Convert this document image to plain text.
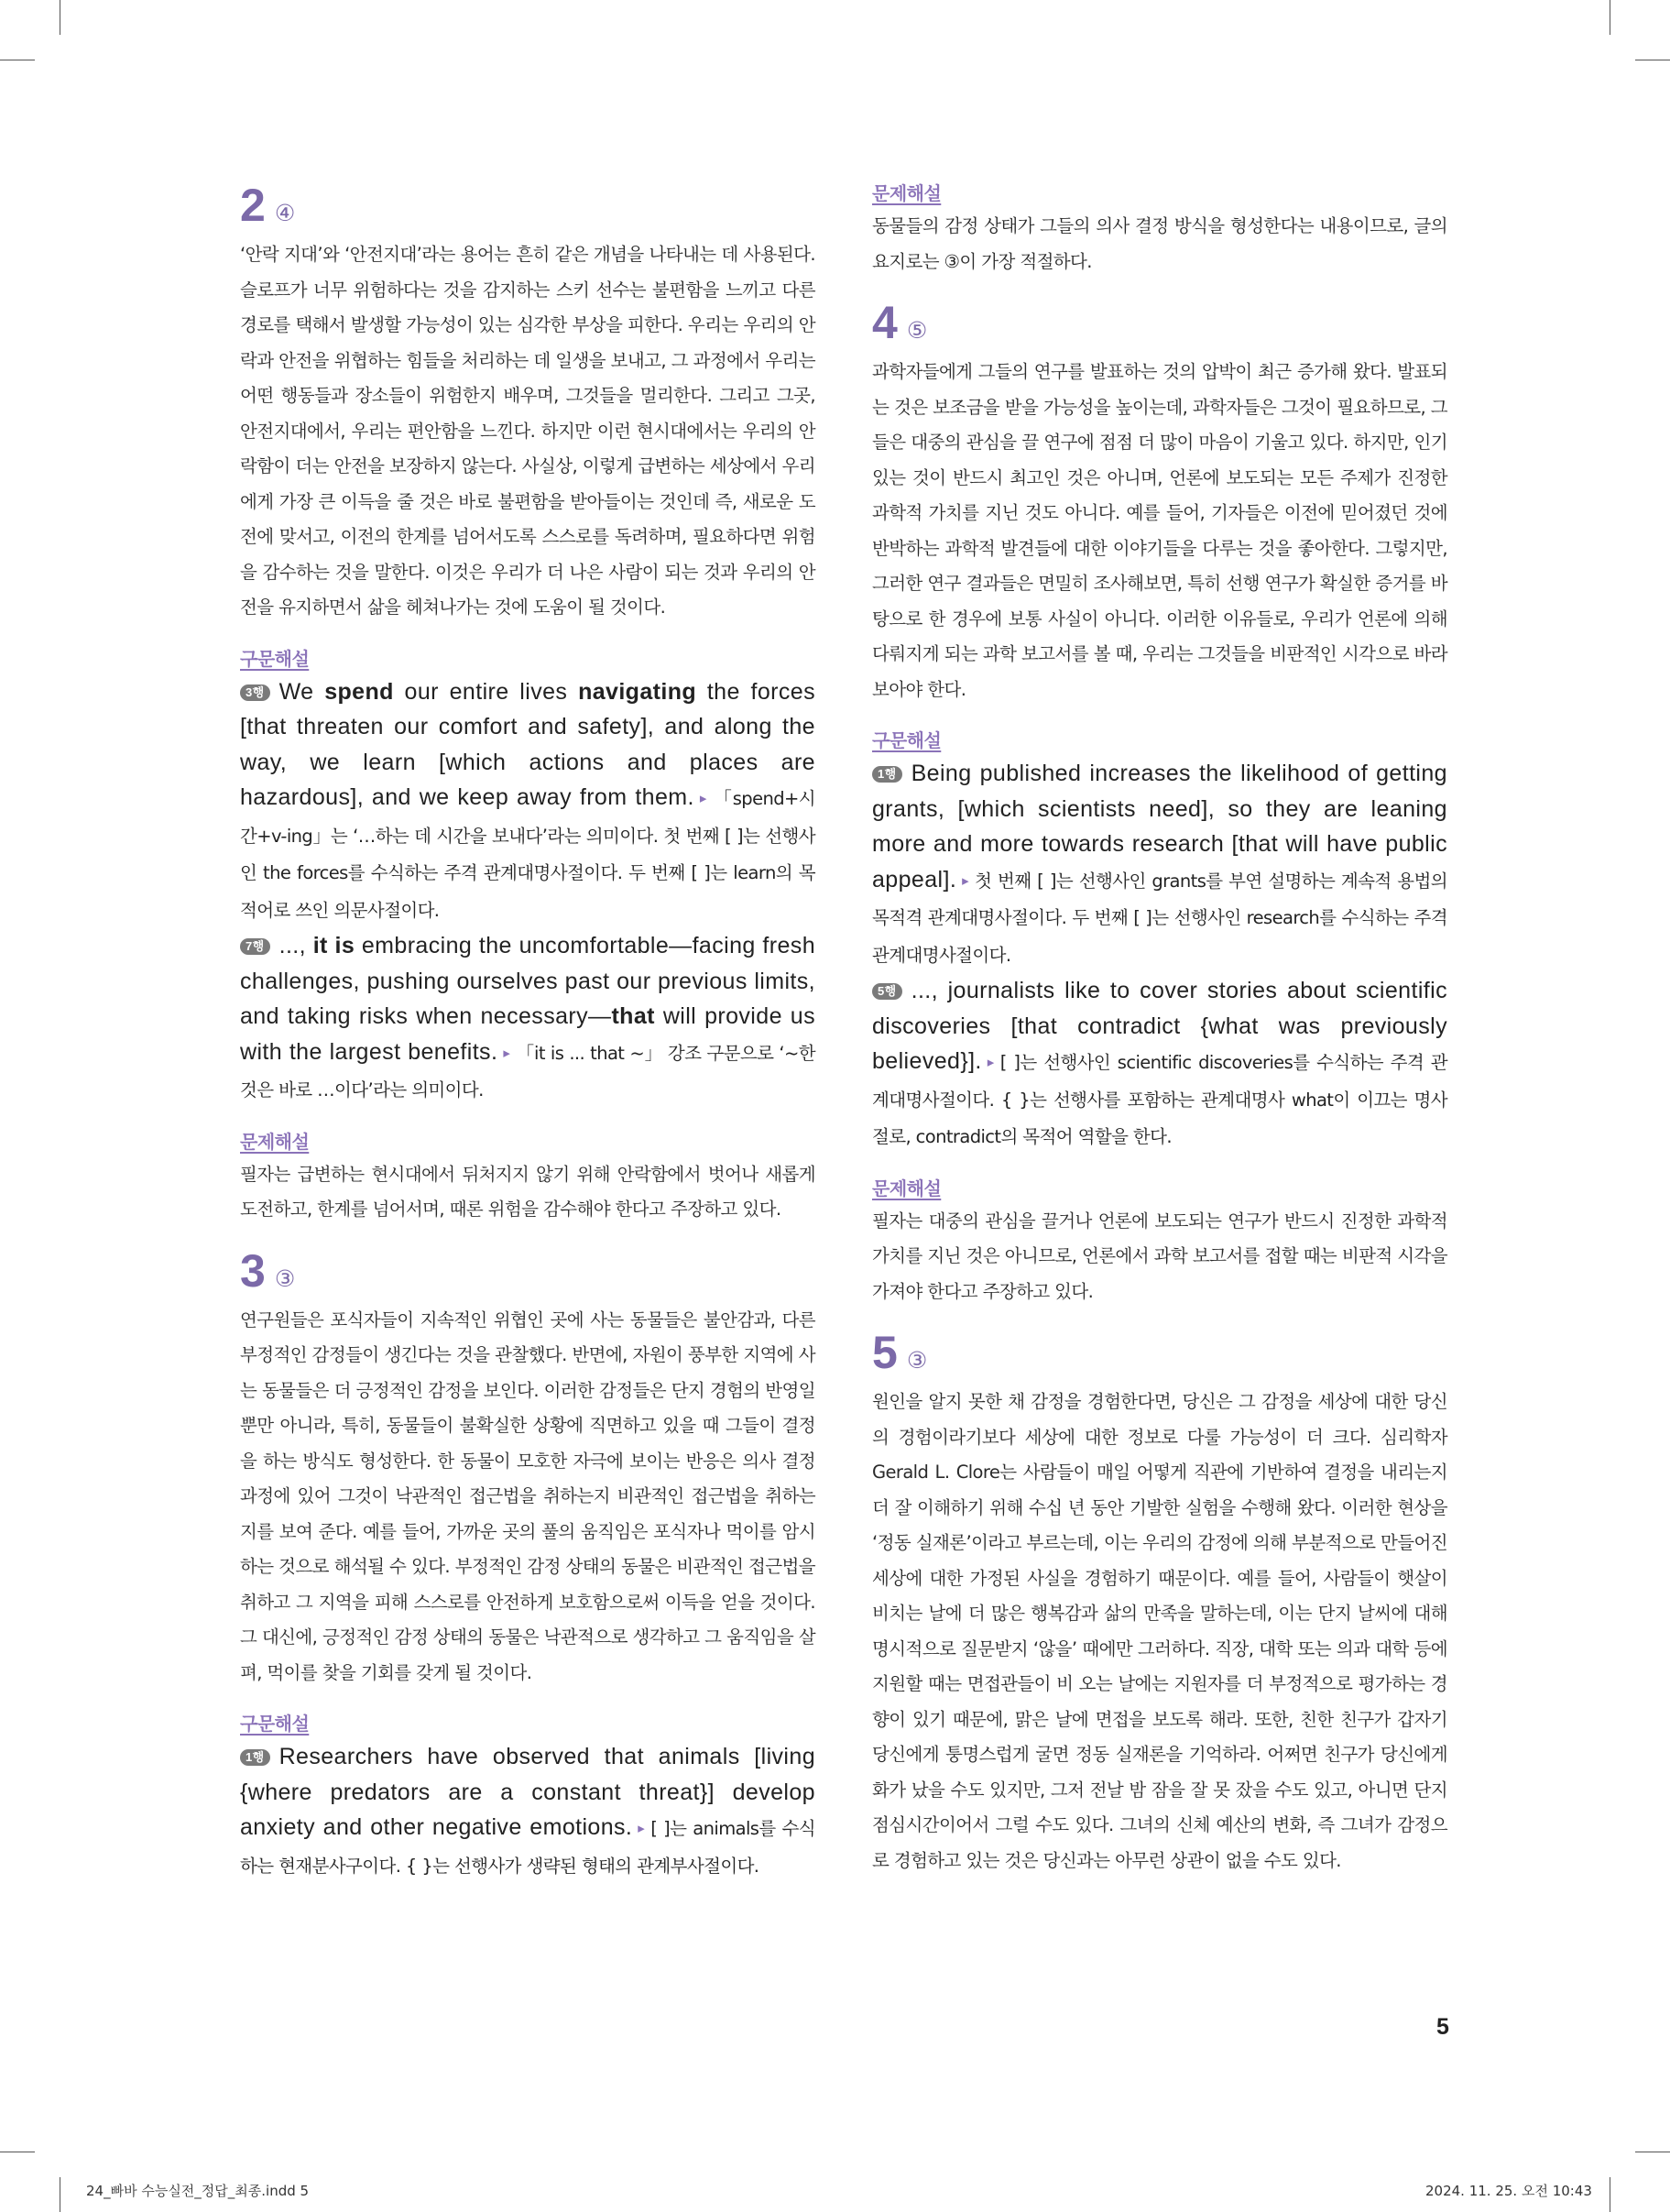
2 ④

‘안락 지대’와 ‘안전지대’라는 용어는 흔히 같은 개념을 나타내는 데 사용된다. 슬로프가 너무 위험하다는 것을 감지하는 스키 선수는 불편함을 느끼고 다른 경로를 택해서 발생할 가능성이 있는 심각한 부상을 피한다. 우리는 우리의 안락과 안전을 위협하는 힘들을 처리하는 데 일생을 보내고, 그 과정에서 우리는 어떤 행동들과 장소들이 위험한지 배우며, 그것들을 멀리한다. 그리고 그곳, 안전지대에서, 우리는 편안함을 느낀다. 하지만 이런 현시대에서는 우리의 안락함이 더는 안전을 보장하지 않는다. 사실상, 이렇게 급변하는 세상에서 우리에게 가장 큰 이득을 줄 것은 바로 불편함을 받아들이는 것인데 즉, 새로운 도전에 맞서고, 이전의 한계를 넘어서도록 스스로를 독려하며, 필요하다면 위험을 감수하는 것을 말한다. 이것은 우리가 더 나은 사람이 되는 것과 우리의 안전을 유지하면서 삶을 헤쳐나가는 것에 도움이 될 것이다.

구문해설

3행 We spend our entire lives navigating the forces [that threaten our comfort and safety], and along the way, we learn [which actions and places are hazardous], and we keep away from them. ▸ 「spend+시간+v-ing」는 ‘…하는 데 시간을 보내다’라는 의미이다. 첫 번째 [ ]는 선행사인 the forces를 수식하는 주격 관계대명사절이다. 두 번째 [ ]는 learn의 목적어로 쓰인 의문사절이다.

7행 ..., it is embracing the uncomfortable—facing fresh challenges, pushing ourselves past our previous limits, and taking risks when necessary—that will provide us with the largest benefits. ▸ 「it is ... that ~」 강조 구문으로 ‘~한 것은 바로 …이다’라는 의미이다.

문제해설

필자는 급변하는 현시대에서 뒤처지지 않기 위해 안락함에서 벗어나 새롭게 도전하고, 한계를 넘어서며, 때론 위험을 감수해야 한다고 주장하고 있다.

3 ③

연구원들은 포식자들이 지속적인 위협인 곳에 사는 동물들은 불안감과, 다른 부정적인 감정들이 생긴다는 것을 관찰했다. 반면에, 자원이 풍부한 지역에 사는 동물들은 더 긍정적인 감정을 보인다. 이러한 감정들은 단지 경험의 반영일 뿐만 아니라, 특히, 동물들이 불확실한 상황에 직면하고 있을 때 그들이 결정을 하는 방식도 형성한다. 한 동물이 모호한 자극에 보이는 반응은 의사 결정 과정에 있어 그것이 낙관적인 접근법을 취하는지 비관적인 접근법을 취하는지를 보여 준다. 예를 들어, 가까운 곳의 풀의 움직임은 포식자나 먹이를 암시하는 것으로 해석될 수 있다. 부정적인 감정 상태의 동물은 비관적인 접근법을 취하고 그 지역을 피해 스스로를 안전하게 보호함으로써 이득을 얻을 것이다. 그 대신에, 긍정적인 감정 상태의 동물은 낙관적으로 생각하고 그 움직임을 살펴, 먹이를 찾을 기회를 갖게 될 것이다.

구문해설

1행 Researchers have observed that animals [living {where predators are a constant threat}] develop anxiety and other negative emotions. ▸ [ ]는 animals를 수식하는 현재분사구이다. { }는 선행사가 생략된 형태의 관계부사절이다.

문제해설

동물들의 감정 상태가 그들의 의사 결정 방식을 형성한다는 내용이므로, 글의 요지로는 ③이 가장 적절하다.

4 ⑤

과학자들에게 그들의 연구를 발표하는 것의 압박이 최근 증가해 왔다. 발표되는 것은 보조금을 받을 가능성을 높이는데, 과학자들은 그것이 필요하므로, 그들은 대중의 관심을 끌 연구에 점점 더 많이 마음이 기울고 있다. 하지만, 인기 있는 것이 반드시 최고인 것은 아니며, 언론에 보도되는 모든 주제가 진정한 과학적 가치를 지닌 것도 아니다. 예를 들어, 기자들은 이전에 믿어졌던 것에 반박하는 과학적 발견들에 대한 이야기들을 다루는 것을 좋아한다. 그렇지만, 그러한 연구 결과들은 면밀히 조사해보면, 특히 선행 연구가 확실한 증거를 바탕으로 한 경우에 보통 사실이 아니다. 이러한 이유들로, 우리가 언론에 의해 다뤄지게 되는 과학 보고서를 볼 때, 우리는 그것들을 비판적인 시각으로 바라보아야 한다.

구문해설

1행 Being published increases the likelihood of getting grants, [which scientists need], so they are leaning more and more towards research [that will have public appeal]. ▸ 첫 번째 [ ]는 선행사인 grants를 부연 설명하는 계속적 용법의 목적격 관계대명사절이다. 두 번째 [ ]는 선행사인 research를 수식하는 주격 관계대명사절이다.

5행 ..., journalists like to cover stories about scientific discoveries [that contradict {what was previously believed}]. ▸ [ ]는 선행사인 scientific discoveries를 수식하는 주격 관계대명사절이다. { }는 선행사를 포함하는 관계대명사 what이 이끄는 명사절로, contradict의 목적어 역할을 한다.

문제해설

필자는 대중의 관심을 끌거나 언론에 보도되는 연구가 반드시 진정한 과학적 가치를 지닌 것은 아니므로, 언론에서 과학 보고서를 접할 때는 비판적 시각을 가져야 한다고 주장하고 있다.

5 ③

원인을 알지 못한 채 감정을 경험한다면, 당신은 그 감정을 세상에 대한 당신의 경험이라기보다 세상에 대한 정보로 다룰 가능성이 더 크다. 심리학자 Gerald L. Clore는 사람들이 매일 어떻게 직관에 기반하여 결정을 내리는지 더 잘 이해하기 위해 수십 년 동안 기발한 실험을 수행해 왔다. 이러한 현상을 ‘정동 실재론’이라고 부르는데, 이는 우리의 감정에 의해 부분적으로 만들어진 세상에 대한 가정된 사실을 경험하기 때문이다. 예를 들어, 사람들이 햇살이 비치는 날에 더 많은 행복감과 삶의 만족을 말하는데, 이는 단지 날씨에 대해 명시적으로 질문받지 ‘않을’ 때에만 그러하다. 직장, 대학 또는 의과 대학 등에 지원할 때는 면접관들이 비 오는 날에는 지원자를 더 부정적으로 평가하는 경향이 있기 때문에, 맑은 날에 면접을 보도록 해라. 또한, 친한 친구가 갑자기 당신에게 퉁명스럽게 굴면 정동 실재론을 기억하라. 어쩌면 친구가 당신에게 화가 났을 수도 있지만, 그저 전날 밤 잠을 잘 못 잤을 수도 있고, 아니면 단지 점심시간이어서 그럴 수도 있다. 그녀의 신체 예산의 변화, 즉 그녀가 감정으로 경험하고 있는 것은 당신과는 아무런 상관이 없을 수도 있다.

5
24_빠바 수능실전_정답_최종.indd 5	2024. 11. 25. 오전 10:43
